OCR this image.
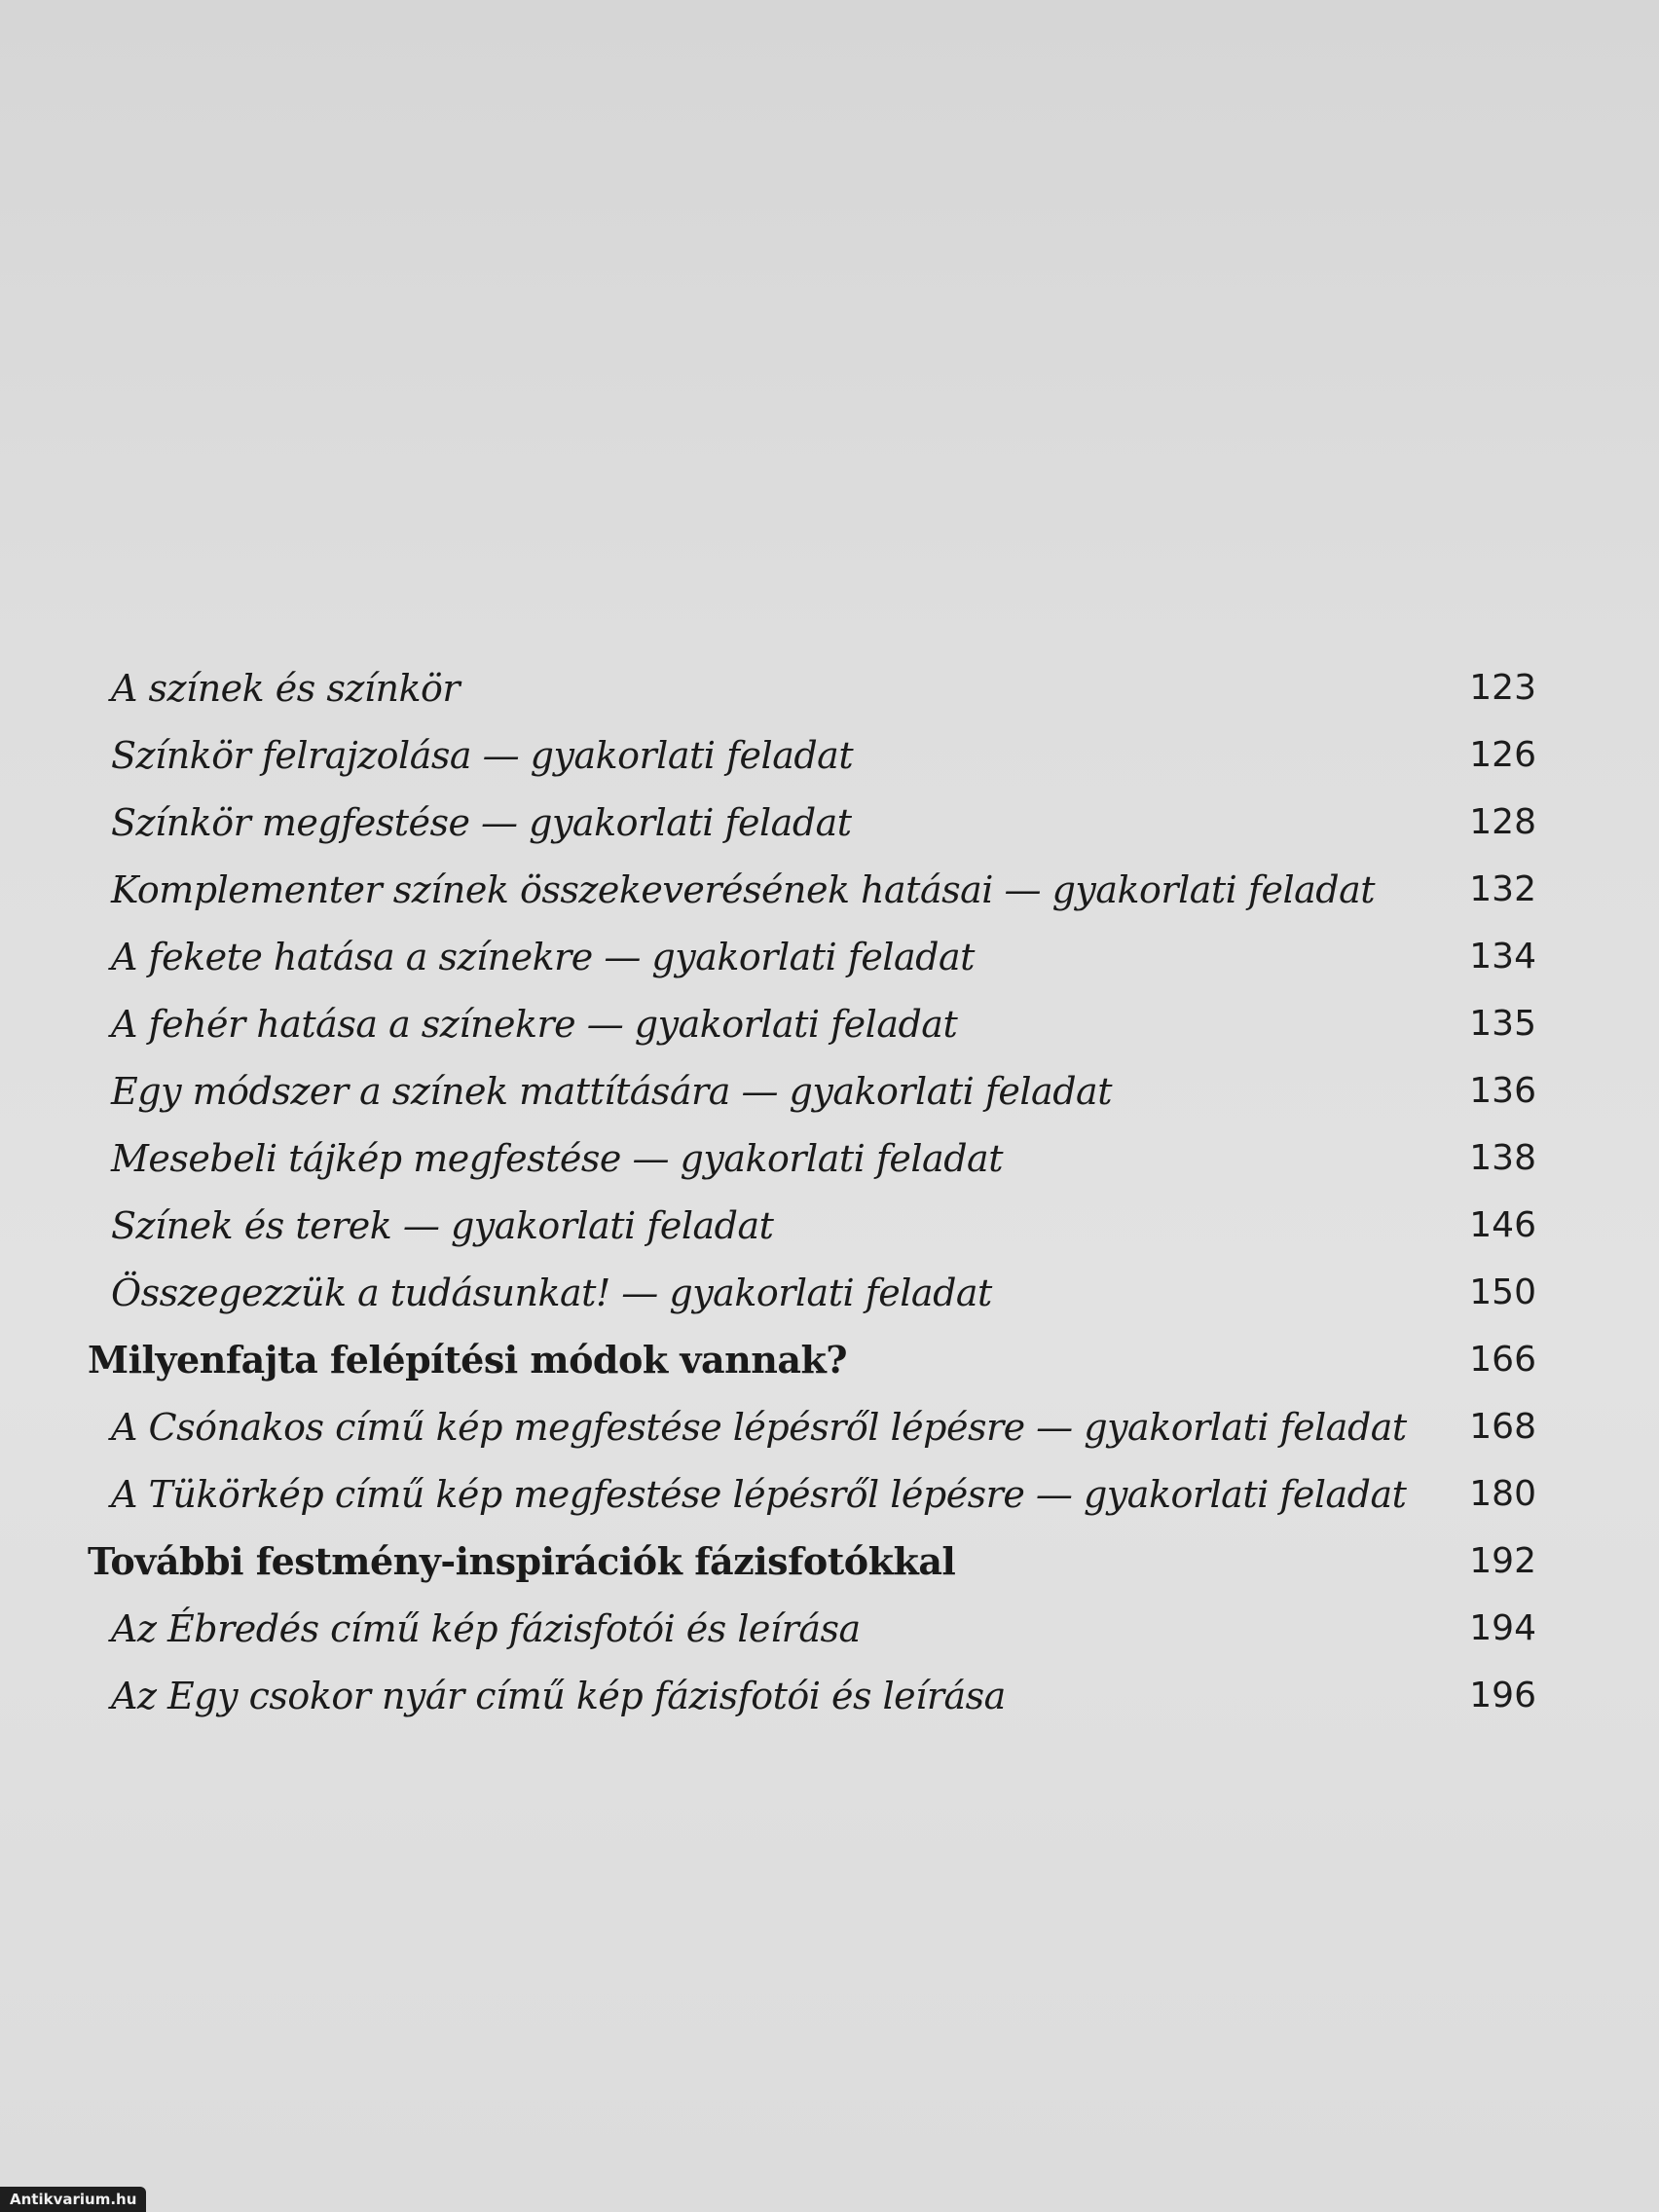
A színek és színkör	123
Színkör felrajzolása — gyakorlati feladat	126
Színkör megfestése — gyakorlati feladat	128
Komplementer színek összekeverésének hatásai — gyakorlati feladat	132
A fekete hatása a színekre — gyakorlati feladat	134
A fehér hatása a színekre — gyakorlati feladat	135
Egy módszer a színek mattítására — gyakorlati feladat	136
Mesebeli tájkép megfestése — gyakorlati feladat	138
Színek és terek — gyakorlati feladat	146
Összegezzük a tudásunkat! — gyakorlati feladat	150
Milyenfajta felépítési módok vannak?	166
A Csónakos című kép megfestése lépésről lépésre — gyakorlati feladat	168
A Tükörkép című kép megfestése lépésről lépésre — gyakorlati feladat	180
További festmény-inspirációk fázisfotókkal	192
Az Ébredés című kép fázisfotói és leírása	194
Az Egy csokor nyár című kép fázisfotói és leírása	196
Antikvarium.hu
